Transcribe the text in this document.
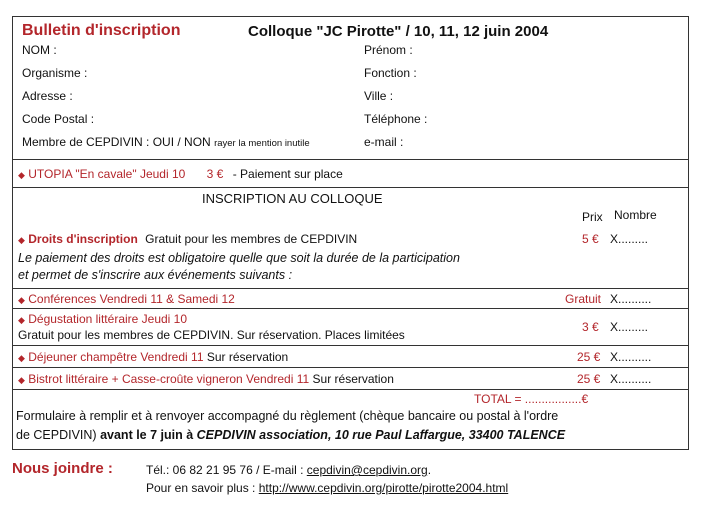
Bulletin d'inscription	Colloque "JC Pirotte" / 10, 11, 12 juin 2004
NOM :	Prénom :
Organisme :	Fonction :
Adresse :	Ville :
Code Postal :	Téléphone :
Membre de CEPDIVIN : OUI / NON rayer la mention inutile	e-mail :
◆ UTOPIA "En cavale" Jeudi 10 3 € - Paiement sur place
INSCRIPTION AU COLLOQUE
Prix Nombre
◆ Droits d'inscription Gratuit pour les membres de CEPDIVIN	5 € X.........
Le paiement des droits est obligatoire quelle que soit la durée de la participation
et permet de s'inscrire aux événements suivants :
◆ Conférences Vendredi 11 & Samedi 12	Gratuit X..........
◆ Dégustation littéraire Jeudi 10
Gratuit pour les membres de CEPDIVIN. Sur réservation. Places limitées
3 € X.........
◆ Déjeuner champêtre Vendredi 11 Sur réservation	25 € X..........
◆ Bistrot littéraire + Casse-croûte vigneron Vendredi 11 Sur réservation	25 € X..........
TOTAL = .................€
Formulaire à remplir et à renvoyer accompagné du règlement (chèque bancaire ou postal à l'ordre
de CEPDIVIN) avant le 7 juin à CEPDIVIN association, 10 rue Paul Laffargue, 33400 TALENCE
Nous joindre :	Tél.: 06 82 21 95 76 / E-mail : cepdivin@cepdivin.org.
Pour en savoir plus : http://www.cepdivin.org/pirotte/pirotte2004.html
